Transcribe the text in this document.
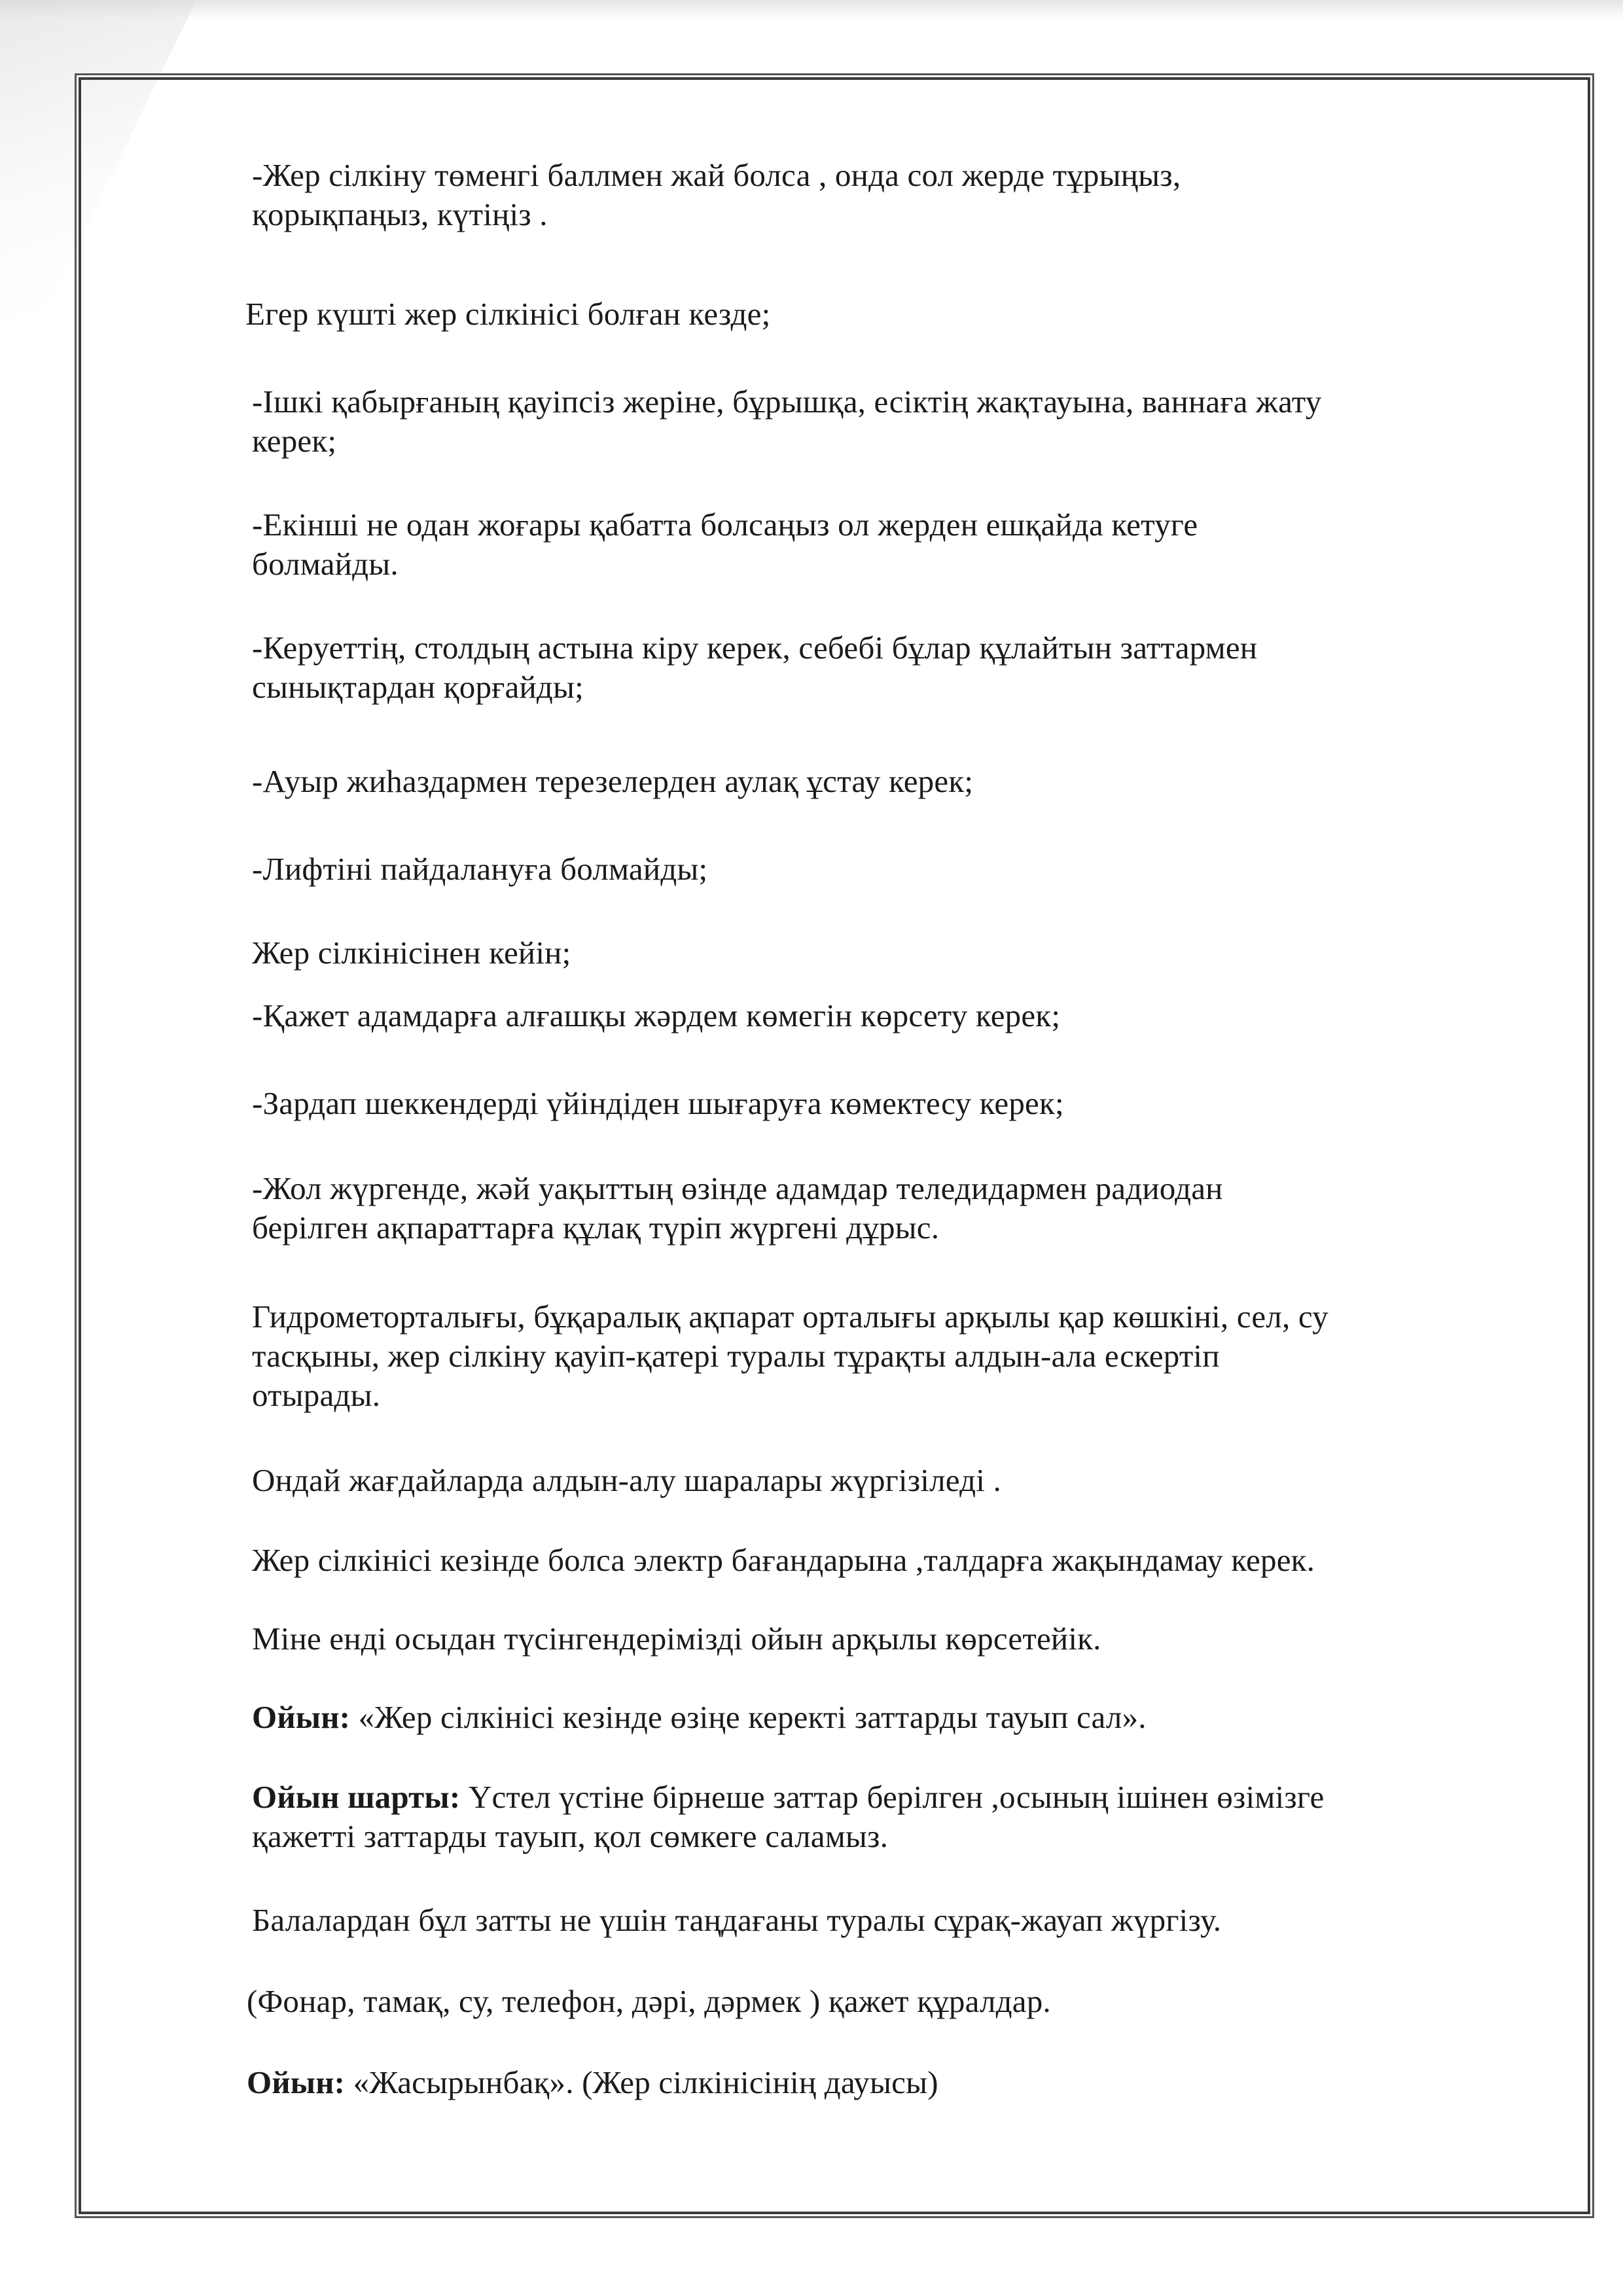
-Жер сілкіну төменгі баллмен жай болса , онда сол жерде тұрыңыз,
қорықпаңыз, күтіңіз .

Егер күшті жер сілкінісі болған кезде;

-Ішкі қабырғаның қауіпсіз жеріне, бұрышқа, есіктің жақтауына, ваннаға жату
керек;

-Екінші не одан жоғары қабатта болсаңыз ол жерден ешқайда кетуге
болмайды.

-Керуеттің, столдың астына кіру керек, себебі бұлар құлайтын заттармен
сынықтардан қорғайды;

-Ауыр жиһаздармен терезелерден аулақ ұстау керек;

-Лифтіні пайдалануға болмайды;

Жер сілкінісінен кейін;

-Қажет адамдарға алғашқы жәрдем көмегін көрсету керек;

-Зардап шеккендерді үйіндіден шығаруға көмектесу керек;

-Жол жүргенде, жәй уақыттың өзінде адамдар теледидармен радиодан
берілген ақпараттарға құлақ түріп жүргені дұрыс.

Гидрометорталығы, бұқаралық ақпарат орталығы арқылы қар көшкіні, сел, су
тасқыны, жер сілкіну қауіп-қатері туралы тұрақты алдын-ала ескертіп
отырады.

Ондай жағдайларда алдын-алу шаралары жүргізіледі .

Жер сілкінісі кезінде болса электр бағандарына ,талдарға жақындамау керек.

Міне енді осыдан түсінгендерімізді ойын арқылы көрсетейік.

Ойын: «Жер сілкінісі кезінде өзіңе керекті заттарды тауып сал».

Ойын шарты: Үстел үстіне бірнеше заттар берілген ,осының ішінен өзімізге
қажетті заттарды тауып, қол сөмкеге саламыз.

Балалардан бұл затты не үшін таңдағаны туралы сұрақ-жауап жүргізу.

(Фонар, тамақ, су, телефон, дәрі, дәрмек ) қажет құралдар.

Ойын: «Жасырынбақ». (Жер сілкінісінің дауысы)
